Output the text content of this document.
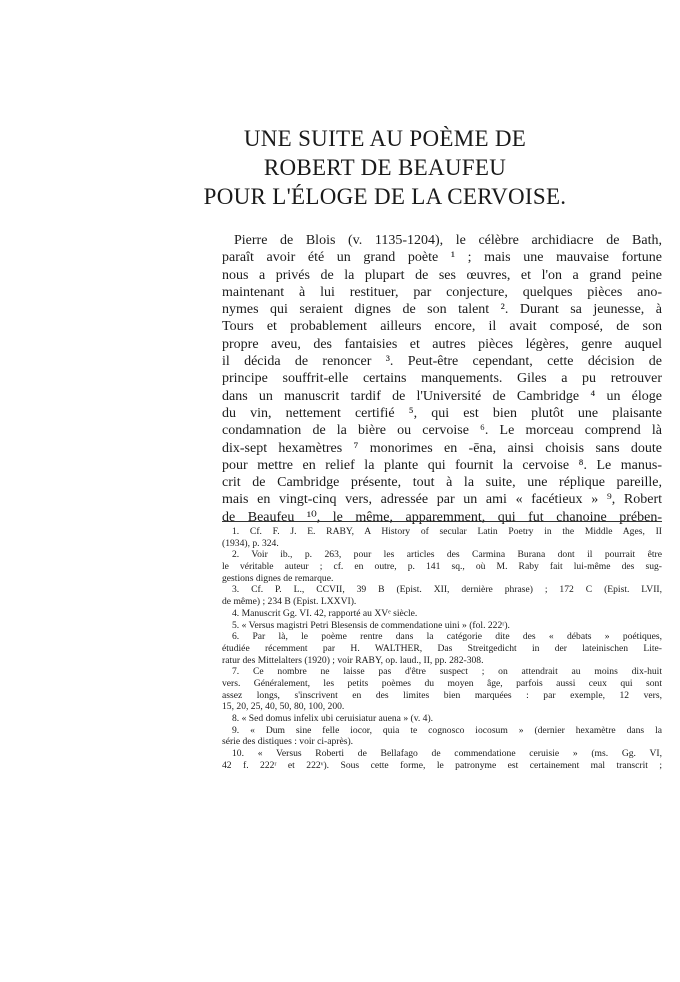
UNE SUITE AU POÈME DE
ROBERT DE BEAUFEU
POUR L'ÉLOGE DE LA CERVOISE.
Pierre de Blois (v. 1135-1204), le célèbre archidiacre de Bath,
paraît avoir été un grand poète ¹ ; mais une mauvaise fortune
nous a privés de la plupart de ses œuvres, et l'on a grand peine
maintenant à lui restituer, par conjecture, quelques pièces ano-
nymes qui seraient dignes de son talent ². Durant sa jeunesse, à
Tours et probablement ailleurs encore, il avait composé, de son
propre aveu, des fantaisies et autres pièces légères, genre auquel
il décida de renoncer ³. Peut-être cependant, cette décision de
principe souffrit-elle certains manquements. Giles a pu retrouver
dans un manuscrit tardif de l'Université de Cambridge ⁴ un éloge
du vin, nettement certifié ⁵, qui est bien plutôt une plaisante
condamnation de la bière ou cervoise ⁶. Le morceau comprend là
dix-sept hexamètres ⁷ monorimes en -ēna, ainsi choisis sans doute
pour mettre en relief la plante qui fournit la cervoise ⁸. Le manus-
crit de Cambridge présente, tout à la suite, une réplique pareille,
mais en vingt-cinq vers, adressée par un ami « facétieux » ⁹, Robert
de Beaufeu ¹⁰, le même, apparemment, qui fut chanoine prében-
1. Cf. F. J. E. RABY, A History of secular Latin Poetry in the Middle Ages, II
(1934), p. 324.
2. Voir ib., p. 263, pour les articles des Carmina Burana dont il pourrait être
le véritable auteur ; cf. en outre, p. 141 sq., où M. Raby fait lui-même des sug-
gestions dignes de remarque.
3. Cf. P. L., CCVII, 39 B (Epist. XII, dernière phrase) ; 172 C (Epist. LVII,
de même) ; 234 B (Epist. LXXVI).
4. Manuscrit Gg. VI. 42, rapporté au XVᵉ siècle.
5. « Versus magistri Petri Blesensis de commendatione uini » (fol. 222ʳ).
6. Par là, le poème rentre dans la catégorie dite des « débats » poétiques,
étudiée récemment par H. WALTHER, Das Streitgedicht in der lateinischen Lite-
ratur des Mittelalters (1920) ; voir RABY, op. laud., II, pp. 282-308.
7. Ce nombre ne laisse pas d'être suspect ; on attendrait au moins dix-huit
vers. Généralement, les petits poèmes du moyen âge, parfois aussi ceux qui sont
assez longs, s'inscrivent en des limites bien marquées : par exemple, 12 vers,
15, 20, 25, 40, 50, 80, 100, 200.
8. « Sed domus infelix ubi ceruisiatur auena » (v. 4).
9. « Dum sine felle iocor, quia te cognosco iocosum » (dernier hexamètre dans la
série des distiques : voir ci-après).
10. « Versus Roberti de Bellafago de commendatione ceruisie » (ms. Gg. VI,
42 f. 222ʳ et 222ᵛ). Sous cette forme, le patronyme est certainement mal transcrit ;
